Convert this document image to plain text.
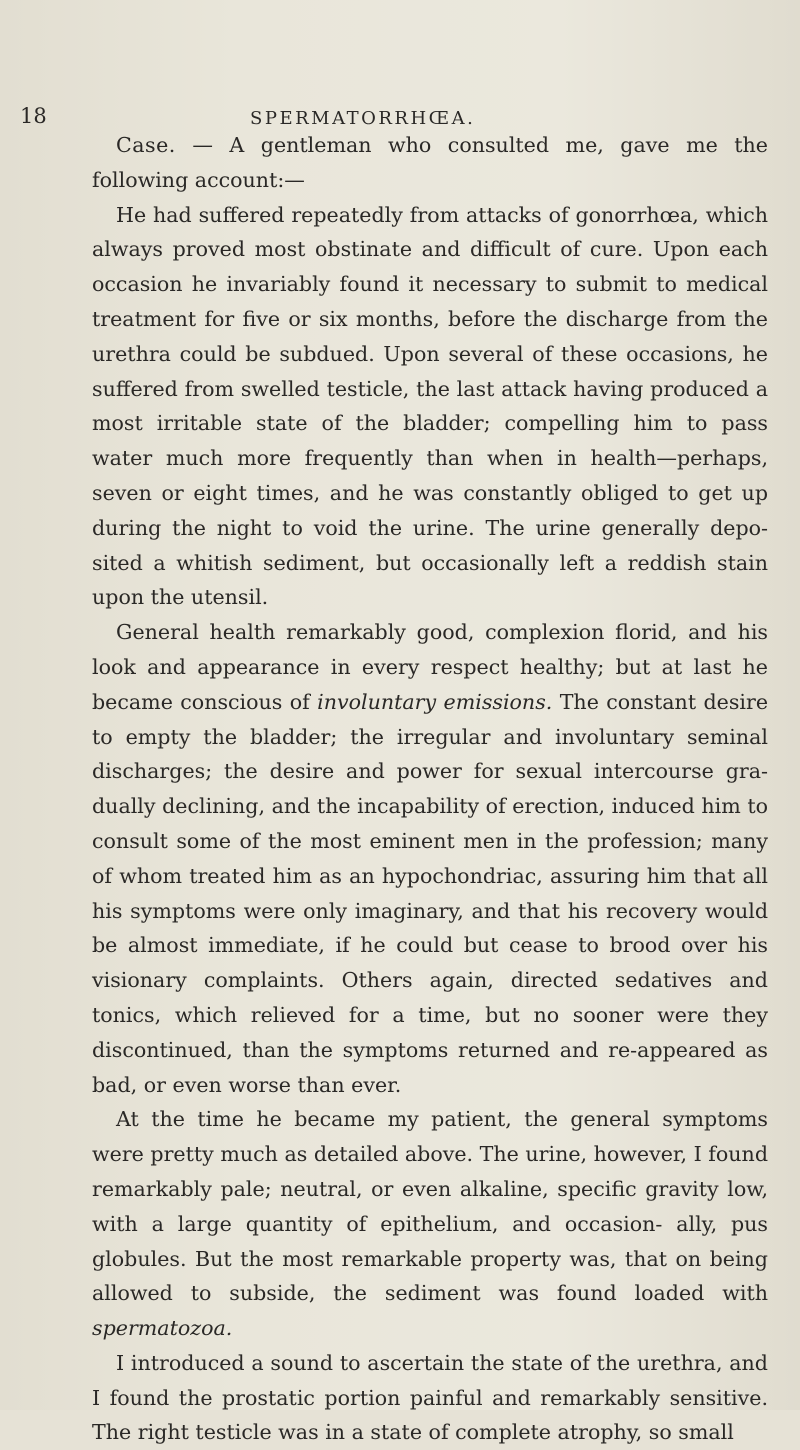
18	SPERMATORRHŒA.

Case. — A gentleman who consulted me, gave me the following account:—

He had suffered repeatedly from attacks of gonorrhœa, which always proved most obstinate and difficult of cure. Upon each occasion he invariably found it necessary to submit to medical treatment for five or six months, before the discharge from the urethra could be subdued. Upon several of these occasions, he suffered from swelled testicle, the last attack having produced a most irritable state of the bladder; compelling him to pass water much more frequently than when in health—perhaps, seven or eight times, and he was constantly obliged to get up during the night to void the urine. The urine generally depo- sited a whitish sediment, but occasionally left a reddish stain upon the utensil.

General health remarkably good, complexion florid, and his look and appearance in every respect healthy; but at last he became conscious of involuntary emissions. The constant desire to empty the bladder; the irregular and involuntary seminal discharges; the desire and power for sexual intercourse gra- dually declining, and the incapability of erection, induced him to consult some of the most eminent men in the profession; many of whom treated him as an hypochondriac, assuring him that all his symptoms were only imaginary, and that his recovery would be almost immediate, if he could but cease to brood over his visionary complaints. Others again, directed sedatives and tonics, which relieved for a time, but no sooner were they discontinued, than the symptoms returned and re-appeared as bad, or even worse than ever.

At the time he became my patient, the general symptoms were pretty much as detailed above. The urine, however, I found remarkably pale; neutral, or even alkaline, specific gravity low, with a large quantity of epithelium, and occasion- ally, pus globules. But the most remarkable property was, that on being allowed to subside, the sediment was found loaded with spermatozoa.

I introduced a sound to ascertain the state of the urethra, and I found the prostatic portion painful and remarkably sensitive. The right testicle was in a state of complete atrophy, so small
